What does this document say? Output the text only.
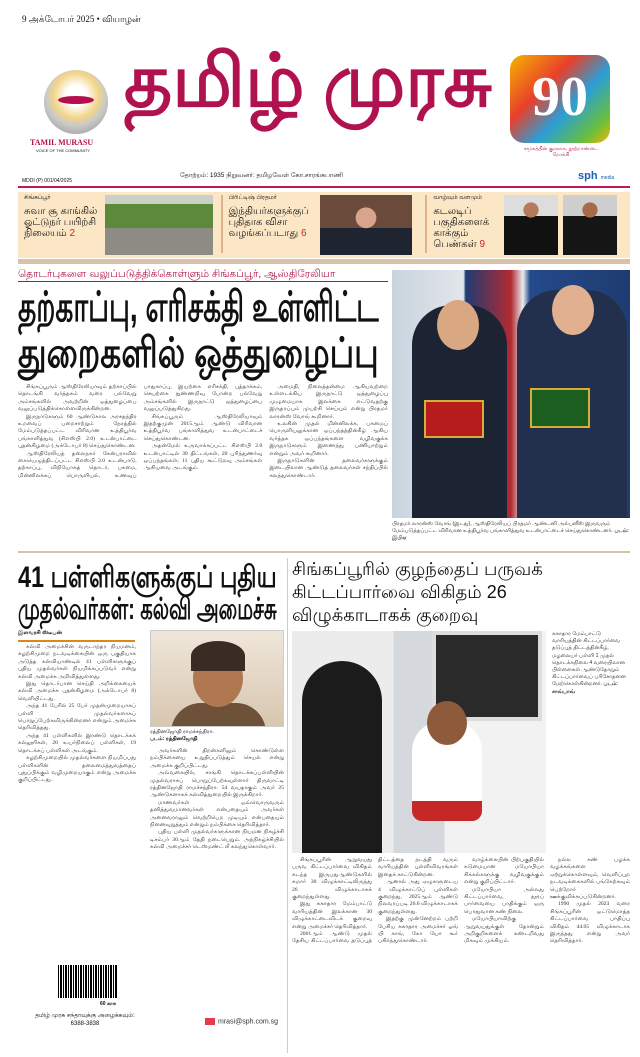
9 அக்டோபர் 2025 • வியாழன்
TAMIL MURASU
VOICE OF THE COMMUNITY
தமிழ் முரசு 90
சமூகத்தின் குரலாக, நூற்றாண்டை நோக்கி
MDDI (P) 001/04/2025
தோற்றம்: 1935 நிறுவனர்: தமிழவேள் கோ.சாரங்கபாணி	sph media
சிங்கப்பூர்
சுவா சூ காங்கில் ஓட்டுநர் பயிற்சி நிலையம் 2
பிரிட்டிஷ் பிரதமர்
இந்தியர்களுக்குப் புதிதாக விசா வழங்கப்படாது 6
வாழ்வும் வளமும்
கடலடிப் பகுதிகளைக் காக்கும் பெண்கள் 9
தொடர்புகளை வலுப்படுத்திக்கொள்ளும் சிங்கப்பூர், ஆஸ்திரேலியா
தற்காப்பு, எரிசக்தி உள்ளிட்ட
துறைகளில் ஒத்துழைப்பு

சிங்கப்பூரும் ஆஸ்திரேலியாவும் தற்காப்பில் தொடங்கி வர்த்தகம் வரை பல்வேறு அம்சங்களில் அவற்றின் ஒத்துழைப்பை வலுப்படுத்திக்கொள்ளவிருக்கின்றன.

இருநாடுகளும் 60 ஆண்டுகால அரசதந்திர உறவைப் பறைசாற்றும் நேரத்தில் மேம்படுத்தப்பட்ட விரிவான உத்திபூர்வ பங்காளித்துவ (சிஎஸ்பி 2.0) உடன்பாட்டை புதன்கிழமை (அக்டோபர் 8) செய்துகொண்டன.

ஆஸ்திரேலியத் தலைநகர் கேன்பராவில் கையெழுத்திடப்பட்ட சிஎஸ்பி 2.0 உடன்பாடு, தற்காப்பு, விநியோகத் தொடர், பசுமை, மின்னிலக்கப் பொருளியல், உணவுப் பாதுகாப்பு, இயற்கை எரிசக்தி, புத்தாக்கம், செயற்கை நுண்ணறிவு போன்ற பல்வேறு அம்சங்களில் இருநாட்டு ஒத்துழைப்பை வலுப்படுத்துகிறது.

சிங்கப்பூரும் ஆஸ்திரேலியாவும் இதற்குமுன் 2015ஆம் ஆண்டு விரிவான உத்திபூர்வ பங்காளித்துவ உடன்பாட்டைச் செய்துகொண்டன.

அதன்மேல் உருவாக்கப்பட்ட சிஎஸ்பி 2.0 உடன்பாட்டில் 30 திட்டங்கள், 20 புரிந்துணர்வு ஒப்பந்தங்கள், 11 புதிய கூட்டுறவு அம்சங்கள் ஆகியவை அடங்கும்.

அமைதி, நிலைத்தன்மை ஆகியவற்றை உள்ளடக்கிய இருநாட்டு ஒத்துழைப்பு முழுமையாக இலக்கை எட்டுவதற்கு இருதரப்பும் முயற்சி செய்யும் என்று பிரதமர் லாரன்ஸ் வோங் கூறினார்.

உலகின் முதல் மின்னிலக்க, பசுமைப் பொருளியலுக்கான ஒப்பந்தத்தின்கீழ் ஆகிய வர்த்தக ஒப்பந்தங்களை வழிவகுக்க இருநாடுகளும் இணைந்து பணியாற்றும் என்றும் அவர் கூறினார்.

இருநாடுகளின் தலைவர்களுக்கும் இடையிலான ஆண்டுத் தலைவர்கள் சந்திப்பில் கலந்துகொண்டார்.

பிரதமர் லாரன்ஸ் வோங் (இடது), ஆஸ்திரேலியப் பிரதமர் ஆண்டனி அல்பனீஸ் இருவரும் மேம்படுத்தப்பட்ட விரிவான உத்திபூர்வ பங்காளித்துவ உடன்பாட்டைச் செய்துகொண்டனர். படம்: இபிஏ
41 பள்ளிகளுக்குப் புதிய
முதல்வர்கள்: கல்வி அமைச்சு
இளவரசி ஸ்டீபன்

கல்வி அமைச்சின் வருடாந்தர நியமனம், சுழற்சிமுறை நடவடிக்கையின் ஒரு பகுதியாக அடுத்த கல்வியாண்டில் 41 பள்ளிகளுக்குப் புதிய முதல்வர்கள் நியமிக்கப்படுவர் என்று கல்வி அமைச்சு அறிவித்துள்ளது.

இது தொடர்பான செய்தி அறிக்கையைக் கல்வி அமைச்சு புதன்கிழமை (அக்டோபர் 8) வெளியிட்டது.

அந்த 41 பேரில் 25 பேர் முதன்முறையாகப் பள்ளி முதல்வர்களாகப் பொறுப்பேற்கவிருக்கின்றனர் என்றும் அமைச்சு தெரிவித்தது.

அந்த 41 பள்ளிகளில் இரண்டு தொடக்கக் கல்லூரிகள், 20 உயர்நிலைப் பள்ளிகள், 19 தொடக்கப் பள்ளிகள் அடங்கும்.

சுழற்சிமுறையில் முதல்வர்களை நியமிப்பது பள்ளிகளின் தலைமைத்துவத்தைப் புதுப்பிக்கும் வழிமுறையாகும் என்று அமைச்சு குறிப்பிட்டது.

ரத்தினஜோதி ராமச்சந்திரா.
படம்: ரத்தினஜோதி

அவர்களின் திறன்களிலும் கொண்டுள்ள நம்பிக்கையை உறுதிப்படுத்தும் செயல் என்று அமைச்சு குறிப்பிட்டது.

அவ்வகையில், சாங்கி தொடக்கப்பள்ளியின் முதல்வராகப் பொறுப்பேற்கவுள்ளார் திருவாட்டி ரத்தினஜோதி ராமச்சந்திரா. 54 வயதாகும் அவர் 25 ஆண்டுகளாகக் கல்வித்துறையில் இருக்கிறார்.

மாணவர்கள் ஒவ்வொருவரும் தனித்துவமானவர்கள் என்பதையும் அவர்கள் அனைவராலும் வெற்றிபெற முடியும் என்பதையும் நினைவுறுத்தும் என்றும் நம்பிக்கை தெரிவித்தார்.

புதிய பள்ளி முதல்வர்களுக்கான நியமன நிகழ்ச்சி டிசம்பர் 30ஆம் தேதி நடைபெறும். அந்நிகழ்ச்சியில் கல்வி அமைச்சர் டெஸ்மண்ட் லீ கலந்துகொள்வார்.

mrasi@sph.com.sg
60 காசு
தமிழ் முரசு சந்தாவுக்கு அழைக்கவும்:
6388-3838
சிங்கப்பூரில் குழந்தைப் பருவக் கிட்டப்பார்வை விகிதம் 26 விழுக்காடாகக் குறைவு
சுகாதார மேம்பாட்டு வாரியத்தின் கிட்டப்பார்வை தடுப்புத் திட்டத்தின்கீழ், மழலையர் பள்ளி 1 முதல் தொடக்கநிலை 4 வரையிலான பிள்ளைகள் ஆண்டுதோறும் கிட்டப்பார்வைப் பரிசோதனை மேற்கொள்கின்றனர். படம்: சாவ்பாவ்

சிங்கப்பூரின் ஆறுவயது பருவ கிட்டப்பார்வை விகிதம் கடந்த இருபதுஆண்டுகளில் சுமார் 30 விழுக்காட்டிலிருந்து 26 விழுக்காடாகக் குறைந்துள்ளது.

இது சுகாதார மேம்பாட்டு வாரியத்தின் இலக்கான 30 விழுக்காட்டைவிடக் குறைவு என்று அமைச்சர் தெரிவித்தார்.

2001ஆம் ஆண்டு முதல் தேசிய கிட்டப்பார்வை தடுப்புத் திட்டத்தை நடத்தி வரும் வாரியத்தின் புள்ளிவிவரங்கள் இதைக் காட்டுகின்றன.

ஆனால் அது ஏழுகளுடைய 4 விழுக்காட்டுப் புள்ளிகள் குறைந்து, 2025ஆம் ஆண்டு நிலவரப்படி 26.6 விழுக்காடாகக் குறைந்துள்ளது.

இதற்கு முன்னேற்றம் பற்றி பேசிய சுகாதார அமைச்சர் ஓங் யி காங், கோ யோ கூர் பகிர்ந்துகொண்டார்.

வாழ்க்கையின் பிற்பகுதியில் கடுமையான மயோபியா சிக்கல்களுக்கு வழிவகுக்கும் என்று குறிப்பிட்டார்.

மயோபியா அல்லது கிட்டப்பார்வை, தூரப் பார்வையை பாதிக்கும் ஒரு பொதுவான கண் நிலை.

மயோபியாவிற்கு ஆறுவயதுக்குள் தோன்றும் அறிகுறிகளைக் கண்டறிவது மிகவும் முக்கியம்.

நல்ல கண் பழக்க வழக்கங்களை ஏற்றுக்கொள்ளவும், வெளிப்புற நடவடிக்கைகளில் பங்கேற்கவும் பெற்றோர் ஊக்குவிக்கப்படுகின்றனர்.

1990 முதல் 2023 வரை சிங்கப்பூரின் ஒட்டுமொத்த கிட்டப்பார்வை பாதிப்பு விகிதம் 44.05 விழுக்காடாக இருந்தது என்று அவர் தெரிவித்தார்.
